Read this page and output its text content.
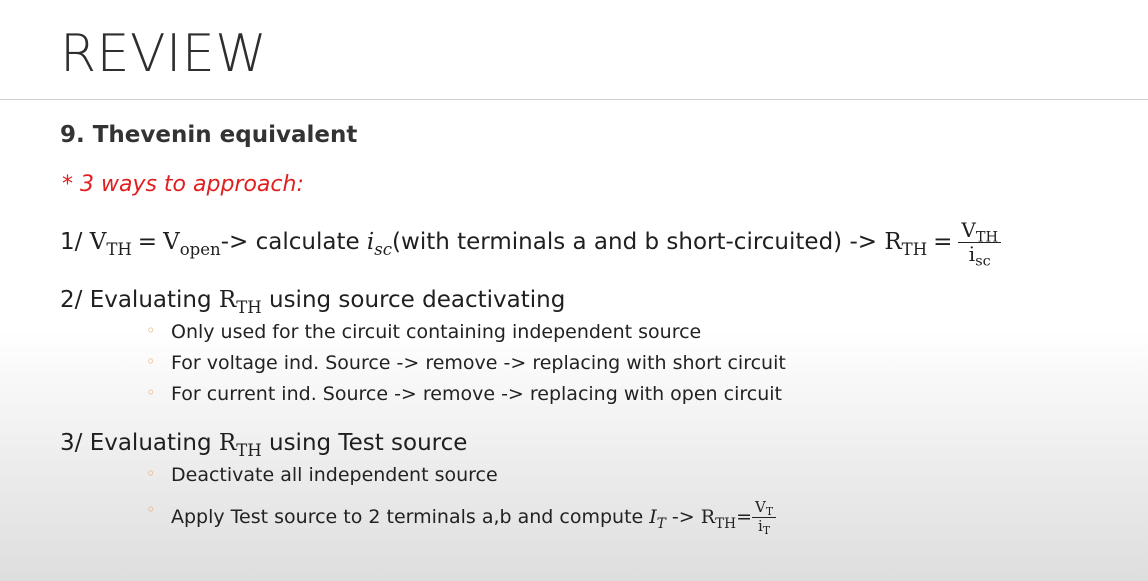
REVIEW
9. Thevenin equivalent
* 3 ways to approach:
1/ $V_{TH} = V_{open}->$ calculate $i_{sc}(with$ terminals a and b short-circuited) -> $R_{TH} = \frac{V_{TH}}{i_{sc}}$
2/ Evaluating $R_{TH}$ using source deactivating
◦ Only used for the circuit containing independent source
◦ For voltage ind. Source -> remove -> replacing with short circuit
◦ For current ind. Source -> remove -> replacing with open circuit
3/ Evaluating $R_{TH}$ using Test source
◦ Deactivate all independent source
◦ Apply Test source to 2 terminals a,b and compute $I_T -> R_{TH}= \frac{V_T}{i_T}$
